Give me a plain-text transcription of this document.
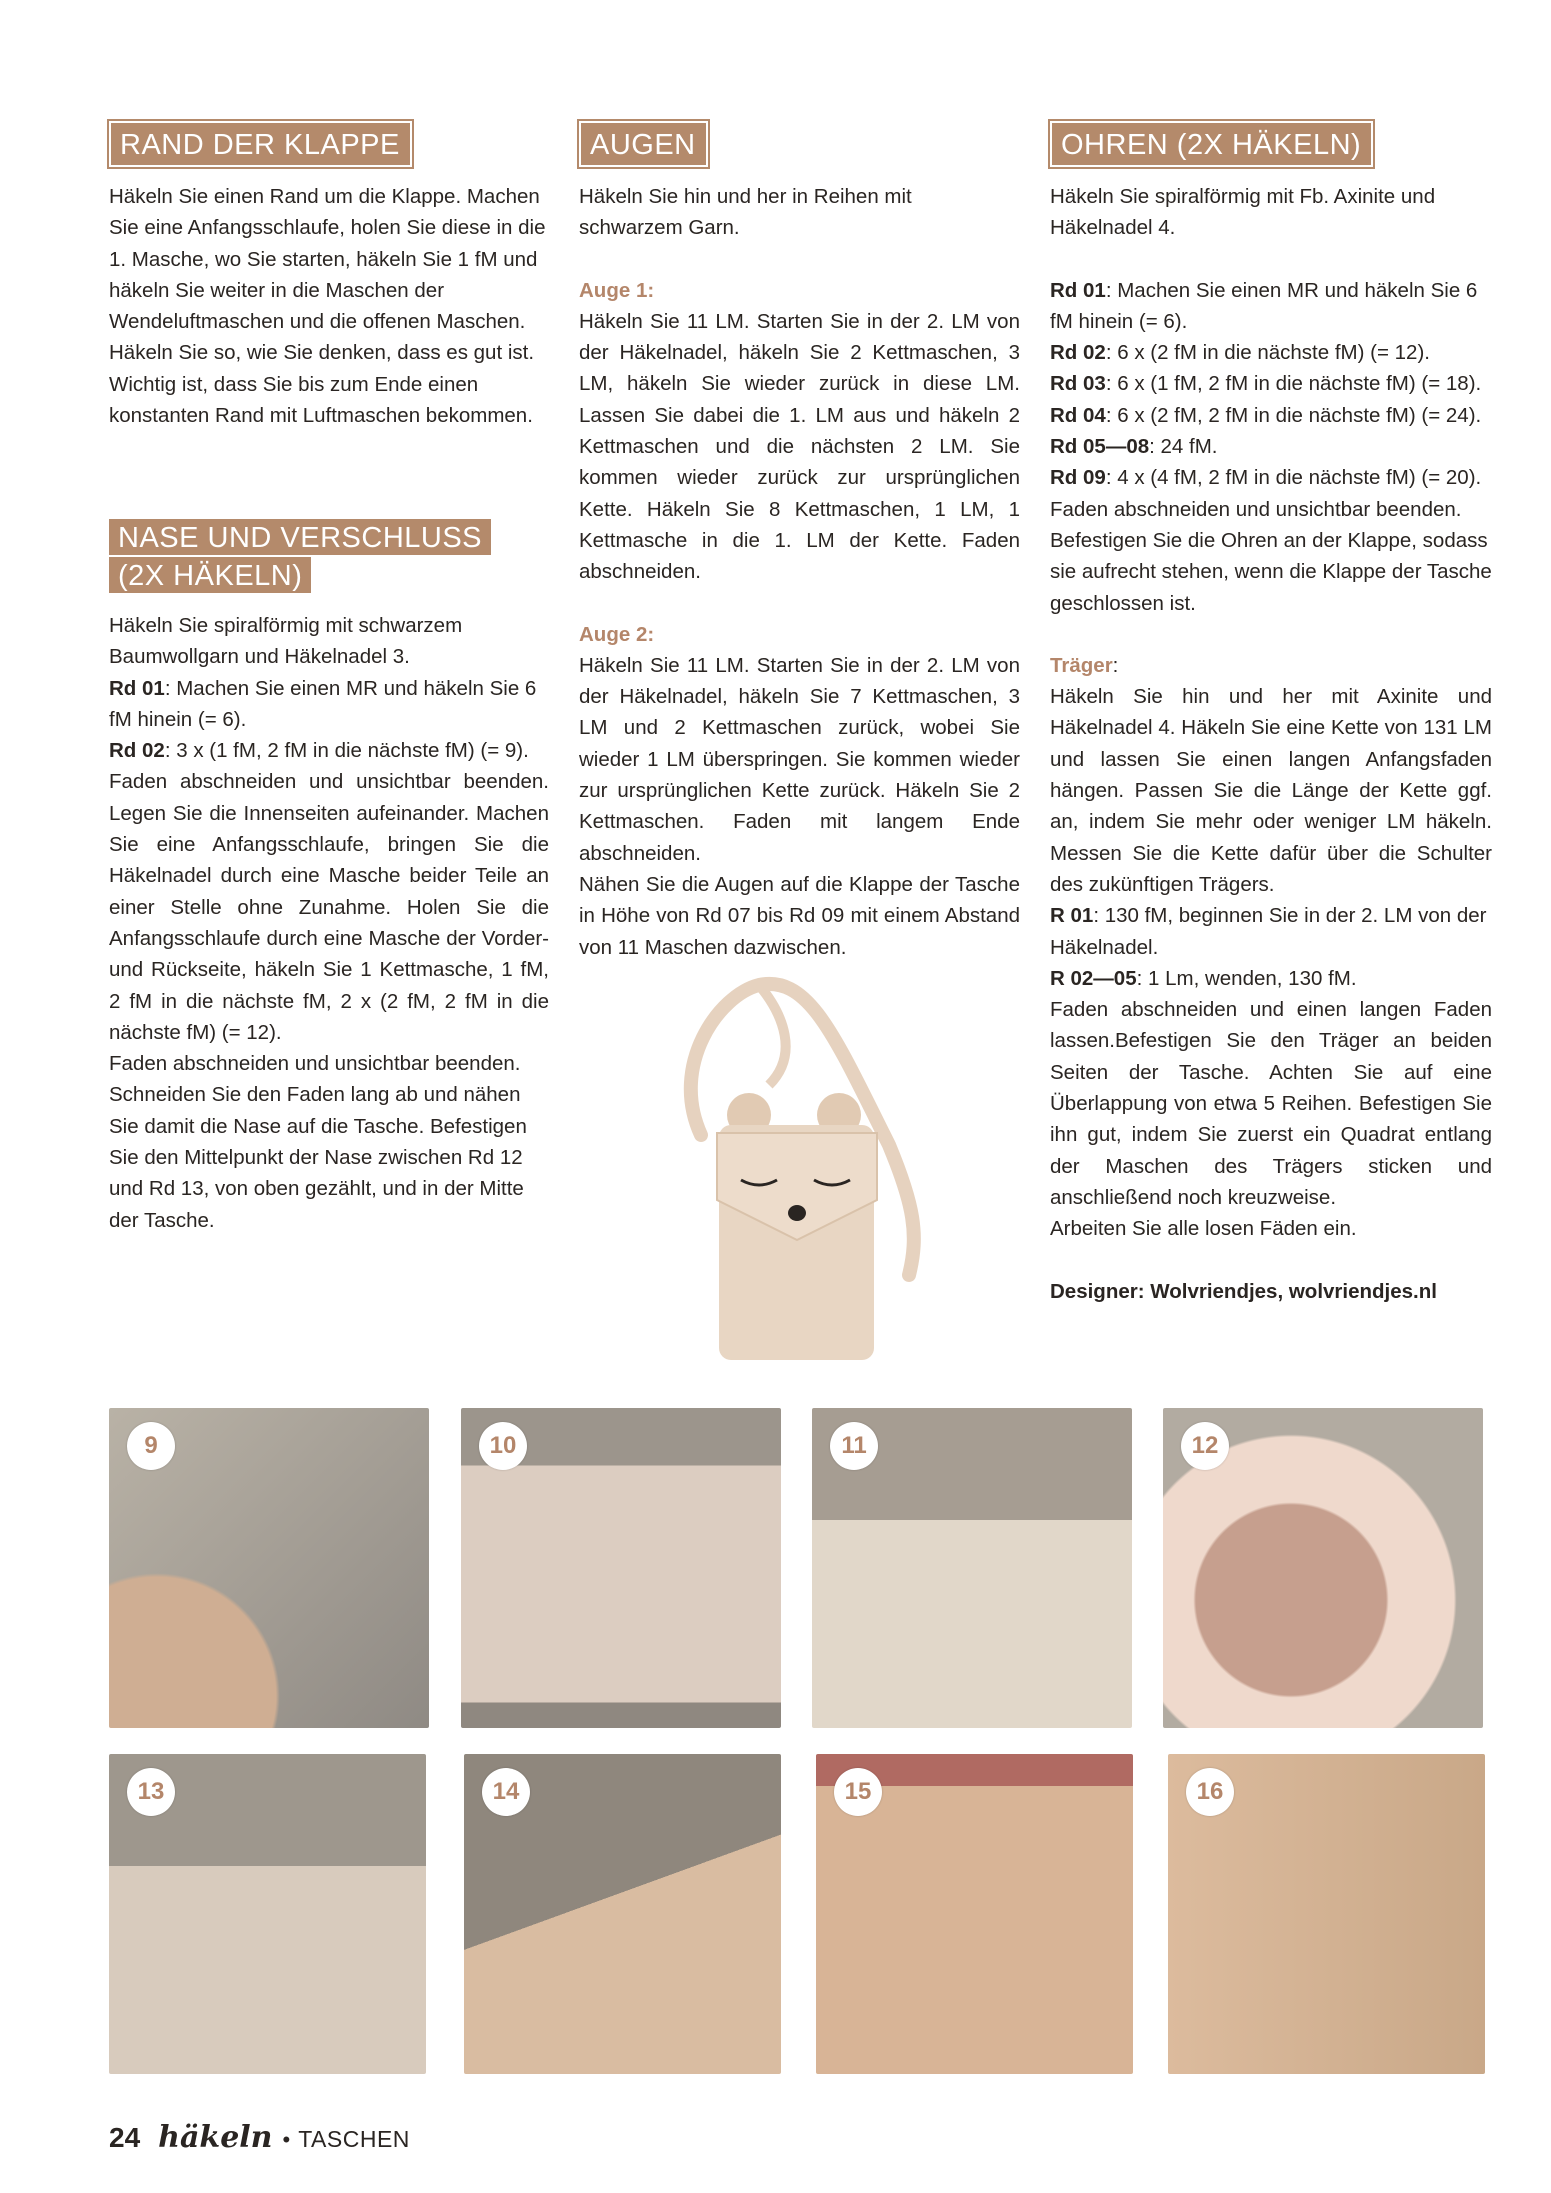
RAND DER KLAPPE

Häkeln Sie einen Rand um die Klappe. Machen Sie eine Anfangsschlaufe, holen Sie diese in die 1. Masche, wo Sie starten, häkeln Sie 1 fM und häkeln Sie weiter in die Maschen der Wendeluftmaschen und die offenen Maschen. Häkeln Sie so, wie Sie denken, dass es gut ist. Wichtig ist, dass Sie bis zum Ende einen konstanten Rand mit Luftmaschen bekommen.

NASE UND VERSCHLUSS
(2X HÄKELN)

Häkeln Sie spiralförmig mit schwarzem Baumwollgarn und Häkelnadel 3.

Rd 01: Machen Sie einen MR und häkeln Sie 6 fM hinein (= 6).

Rd 02: 3 x (1 fM, 2 fM in die nächste fM) (= 9).

Faden abschneiden und unsichtbar beenden. Legen Sie die Innenseiten aufeinander. Machen Sie eine Anfangsschlaufe, bringen Sie die Häkelnadel durch eine Masche beider Teile an einer Stelle ohne Zunahme. Holen Sie die Anfangsschlaufe durch eine Masche der Vorder- und Rückseite, häkeln Sie 1 Kettmasche, 1 fM, 2 fM in die nächste fM, 2 x (2 fM, 2 fM in die nächste fM) (= 12).

Faden abschneiden und unsichtbar beenden. Schneiden Sie den Faden lang ab und nähen Sie damit die Nase auf die Tasche. Befestigen Sie den Mittelpunkt der Nase zwischen Rd 12 und Rd 13, von oben gezählt, und in der Mitte der Tasche.

AUGEN

Häkeln Sie hin und her in Reihen mit schwarzem Garn.

Auge 1:

Häkeln Sie 11 LM. Starten Sie in der 2. LM von der Häkelnadel, häkeln Sie 2 Kettmaschen, 3 LM, häkeln Sie wieder zurück in diese LM. Lassen Sie dabei die 1. LM aus und häkeln 2 Kettmaschen und die nächsten 2 LM. Sie kommen wieder zurück zur ursprünglichen Kette. Häkeln Sie 8 Kettmaschen, 1 LM, 1 Kettmasche in die 1. LM der Kette. Faden abschneiden.

Auge 2:

Häkeln Sie 11 LM. Starten Sie in der 2. LM von der Häkelnadel, häkeln Sie 7 Kettmaschen, 3 LM und 2 Kettmaschen zurück, wobei Sie wieder 1 LM überspringen. Sie kommen wieder zur ursprünglichen Kette zurück. Häkeln Sie 2 Kettmaschen. Faden mit langem Ende abschneiden.

Nähen Sie die Augen auf die Klappe der Tasche in Höhe von Rd 07 bis Rd 09 mit einem Abstand von 11 Maschen dazwischen.

OHREN (2X HÄKELN)

Häkeln Sie spiralförmig mit Fb. Axinite und Häkelnadel 4.

Rd 01: Machen Sie einen MR und häkeln Sie 6 fM hinein (= 6).

Rd 02: 6 x (2 fM in die nächste fM) (= 12).

Rd 03: 6 x (1 fM, 2 fM in die nächste fM) (= 18).

Rd 04: 6 x (2 fM, 2 fM in die nächste fM) (= 24).

Rd 05—08: 24 fM.

Rd 09: 4 x (4 fM, 2 fM in die nächste fM) (= 20).

Faden abschneiden und unsichtbar beenden. Befestigen Sie die Ohren an der Klappe, sodass sie aufrecht stehen, wenn die Klappe der Tasche geschlossen ist.

Träger:

Häkeln Sie hin und her mit Axinite und Häkelnadel 4. Häkeln Sie eine Kette von 131 LM und lassen Sie einen langen Anfangsfaden hängen. Passen Sie die Länge der Kette ggf. an, indem Sie mehr oder weniger LM häkeln. Messen Sie die Kette dafür über die Schulter des zukünftigen Trägers.

R 01: 130 fM, beginnen Sie in der 2. LM von der Häkelnadel.

R 02—05: 1 Lm, wenden, 130 fM.

Faden abschneiden und einen langen Faden lassen.Befestigen Sie den Träger an beiden Seiten der Tasche. Achten Sie auf eine Überlappung von etwa 5 Reihen. Befestigen Sie ihn gut, indem Sie zuerst ein Quadrat entlang der Maschen des Trägers sticken und anschließend noch kreuzweise.

Arbeiten Sie alle losen Fäden ein.

Designer: Wolvriendjes, wolvriendjes.nl

9	10	11	12
13	14	15	16
24 häkeln • TASCHEN
